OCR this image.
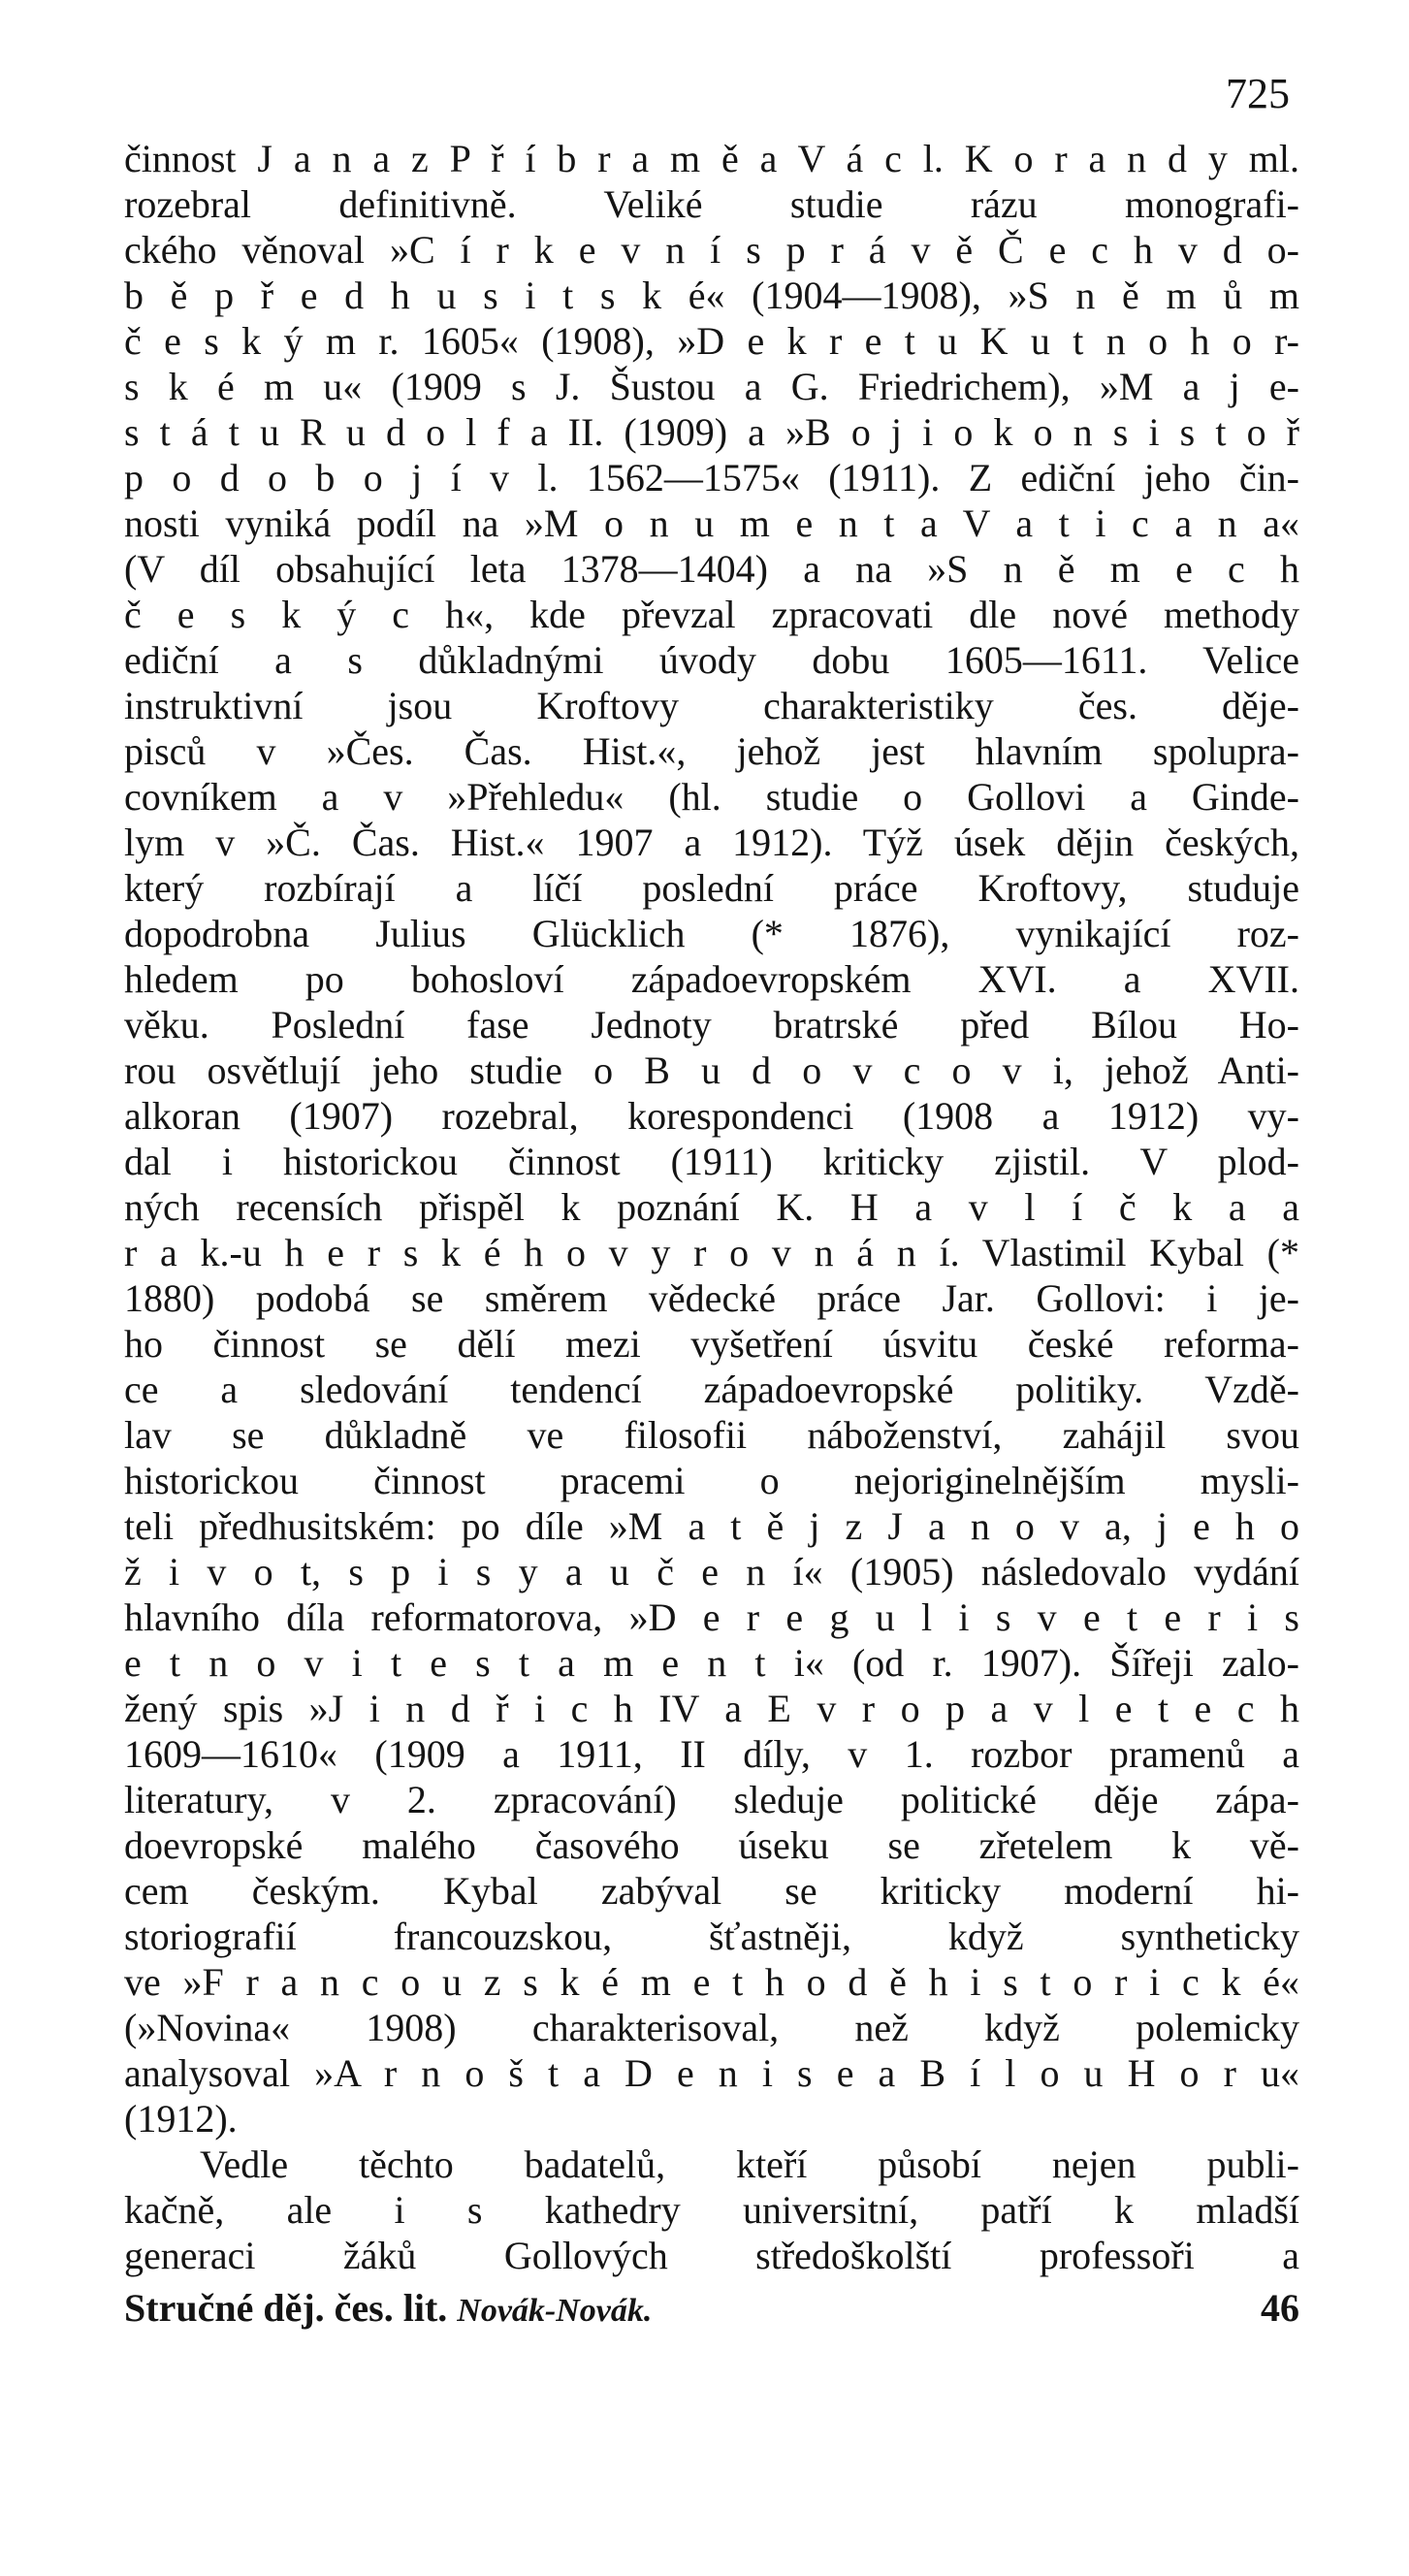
725
činnost J a n a z P ř í b r a m ě a V á c l. K o r a n d y ml.
rozebral definitivně. Veliké studie rázu monografi-
ckého věnoval »C í r k e v n í s p r á v ě Č e c h v d o-
b ě p ř e d h u s i t s k é« (1904—1908), »S n ě m ů m
č e s k ý m r. 1605« (1908), »D e k r e t u K u t n o h o r-
s k é m u« (1909 s J. Šustou a G. Friedrichem), »M a j e-
s t á t u R u d o l f a II. (1909) a »B o j i o k o n s i s t o ř
p o d o b o j í v l. 1562—1575« (1911). Z ediční jeho čin-
nosti vyniká podíl na »M o n u m e n t a V a t i c a n a«
(V díl obsahující leta 1378—1404) a na »S n ě m e c h
č e s k ý c h«, kde převzal zpracovati dle nové methody
ediční a s důkladnými úvody dobu 1605—1611. Velice
instruktivní jsou Kroftovy charakteristiky čes. děje-
pisců v »Čes. Čas. Hist.«, jehož jest hlavním spolupra-
covníkem a v »Přehledu« (hl. studie o Gollovi a Ginde-
lym v »Č. Čas. Hist.« 1907 a 1912). Týž úsek dějin českých,
který rozbírají a líčí poslední práce Kroftovy, studuje
dopodrobna Julius Glücklich (* 1876), vynikající roz-
hledem po bohosloví západoevropském XVI. a XVII.
věku. Poslední fase Jednoty bratrské před Bílou Ho-
rou osvětlují jeho studie o B u d o v c o v i, jehož Anti-
alkoran (1907) rozebral, korespondenci (1908 a 1912) vy-
dal i historickou činnost (1911) kriticky zjistil. V plod-
ných recensích přispěl k poznání K. H a v l í č k a a
r a k.-u h e r s k é h o v y r o v n á n í. Vlastimil Kybal (*
1880) podobá se směrem vědecké práce Jar. Gollovi: i je-
ho činnost se dělí mezi vyšetření úsvitu české reforma-
ce a sledování tendencí západoevropské politiky. Vzdě-
lav se důkladně ve filosofii náboženství, zahájil svou
historickou činnost pracemi o nejoriginelnějším mysli-
teli předhusitském: po díle »M a t ě j z J a n o v a, j e h o
ž i v o t, s p i s y a u č e n í« (1905) následovalo vydání
hlavního díla reformatorova, »D e r e g u l i s v e t e r i s
e t n o v i t e s t a m e n t i« (od r. 1907). Šířeji zalo-
žený spis »J i n d ř i c h IV a E v r o p a v l e t e c h
1609—1610« (1909 a 1911, II díly, v 1. rozbor pramenů a
literatury, v 2. zpracování) sleduje politické děje zápa-
doevropské malého časového úseku se zřetelem k vě-
cem českým. Kybal zabýval se kriticky moderní hi-
storiografií francouzskou, šťastněji, když syntheticky
ve »F r a n c o u z s k é m e t h o d ě h i s t o r i c k é«
(»Novina« 1908) charakterisoval, než když polemicky
analysoval »A r n o š t a D e n i s e a B í l o u H o r u«
(1912).
Vedle těchto badatelů, kteří působí nejen publi-
kačně, ale i s kathedry universitní, patří k mladší
generaci žáků Gollových středoškolští professoři a
Stručné děj. čes. lit. Novák-Novák.	46
